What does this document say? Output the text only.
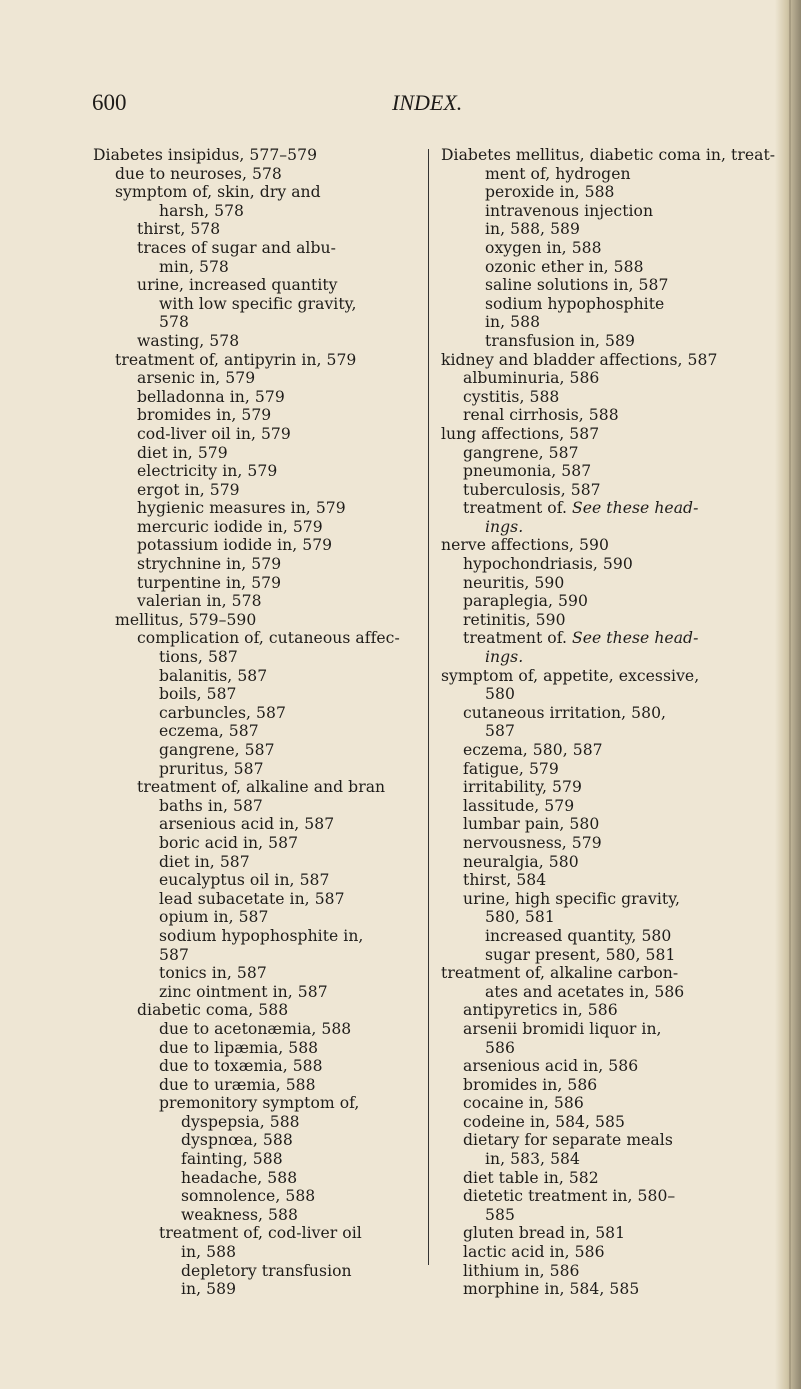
600	INDEX.
Diabetes insipidus, 577–579
due to neuroses, 578
symptom of, skin, dry and
harsh, 578
thirst, 578
traces of sugar and albu-
min, 578
urine, increased quantity
with low specific gravity,
578
wasting, 578
treatment of, antipyrin in, 579
arsenic in, 579
belladonna in, 579
bromides in, 579
cod-liver oil in, 579
diet in, 579
electricity in, 579
ergot in, 579
hygienic measures in, 579
mercuric iodide in, 579
potassium iodide in, 579
strychnine in, 579
turpentine in, 579
valerian in, 578
mellitus, 579–590
complication of, cutaneous affec-
tions, 587
balanitis, 587
boils, 587
carbuncles, 587
eczema, 587
gangrene, 587
pruritus, 587
treatment of, alkaline and bran
baths in, 587
arsenious acid in, 587
boric acid in, 587
diet in, 587
eucalyptus oil in, 587
lead subacetate in, 587
opium in, 587
sodium hypophosphite in,
587
tonics in, 587
zinc ointment in, 587
diabetic coma, 588
due to acetonæmia, 588
due to lipæmia, 588
due to toxæmia, 588
due to uræmia, 588
premonitory symptom of,
dyspepsia, 588
dyspnœa, 588
fainting, 588
headache, 588
somnolence, 588
weakness, 588
treatment of, cod-liver oil
in, 588
depletory transfusion
in, 589
Diabetes mellitus, diabetic coma in, treat-
ment of, hydrogen
peroxide in, 588
intravenous injection
in, 588, 589
oxygen in, 588
ozonic ether in, 588
saline solutions in, 587
sodium hypophosphite
in, 588
transfusion in, 589
kidney and bladder affections, 587
albuminuria, 586
cystitis, 588
renal cirrhosis, 588
lung affections, 587
gangrene, 587
pneumonia, 587
tuberculosis, 587
treatment of. See these head-
ings.
nerve affections, 590
hypochondriasis, 590
neuritis, 590
paraplegia, 590
retinitis, 590
treatment of. See these head-
ings.
symptom of, appetite, excessive,
580
cutaneous irritation, 580,
587
eczema, 580, 587
fatigue, 579
irritability, 579
lassitude, 579
lumbar pain, 580
nervousness, 579
neuralgia, 580
thirst, 584
urine, high specific gravity,
580, 581
increased quantity, 580
sugar present, 580, 581
treatment of, alkaline carbon-
ates and acetates in, 586
antipyretics in, 586
arsenii bromidi liquor in,
586
arsenious acid in, 586
bromides in, 586
cocaine in, 586
codeine in, 584, 585
dietary for separate meals
in, 583, 584
diet table in, 582
dietetic treatment in, 580–
585
gluten bread in, 581
lactic acid in, 586
lithium in, 586
morphine in, 584, 585
